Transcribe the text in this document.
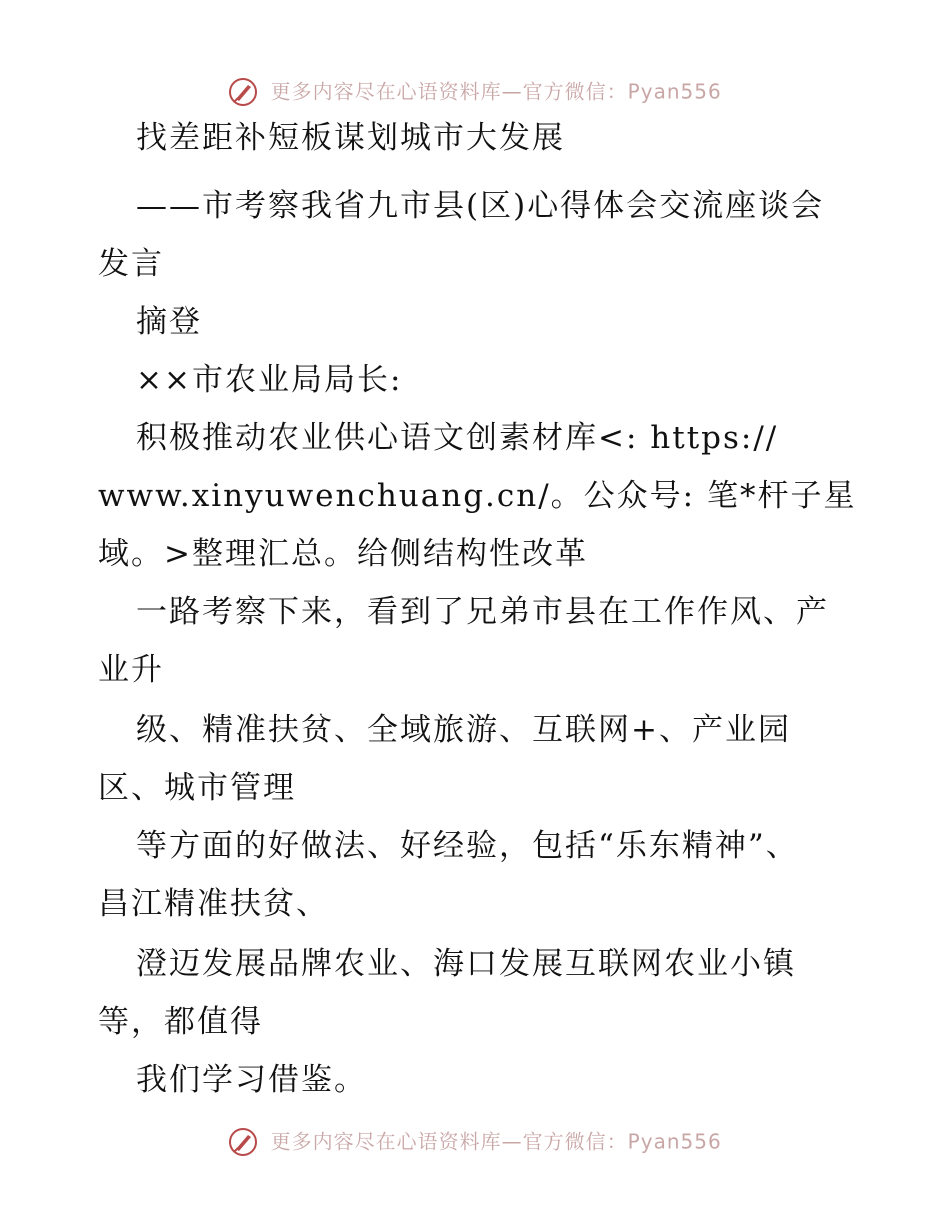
更多内容尽在心语资料库—官方微信：Pyan556
找差距补短板谋划城市大发展
——市考察我省九市县(区)心得体会交流座谈会
发言
摘登
××市农业局局长:
积极推动农业供心语文创素材库<: https://
www.xinyuwenchuang.cn/。公众号: 笔*杆子星
域。>整理汇总。给侧结构性改革
一路考察下来，看到了兄弟市县在工作作风、产
业升
级、精准扶贫、全域旅游、互联网+、产业园
区、城市管理
等方面的好做法、好经验，包括“乐东精神”、
昌江精准扶贫、
澄迈发展品牌农业、海口发展互联网农业小镇
等，都值得
我们学习借鉴。
更多内容尽在心语资料库—官方微信：Pyan556
